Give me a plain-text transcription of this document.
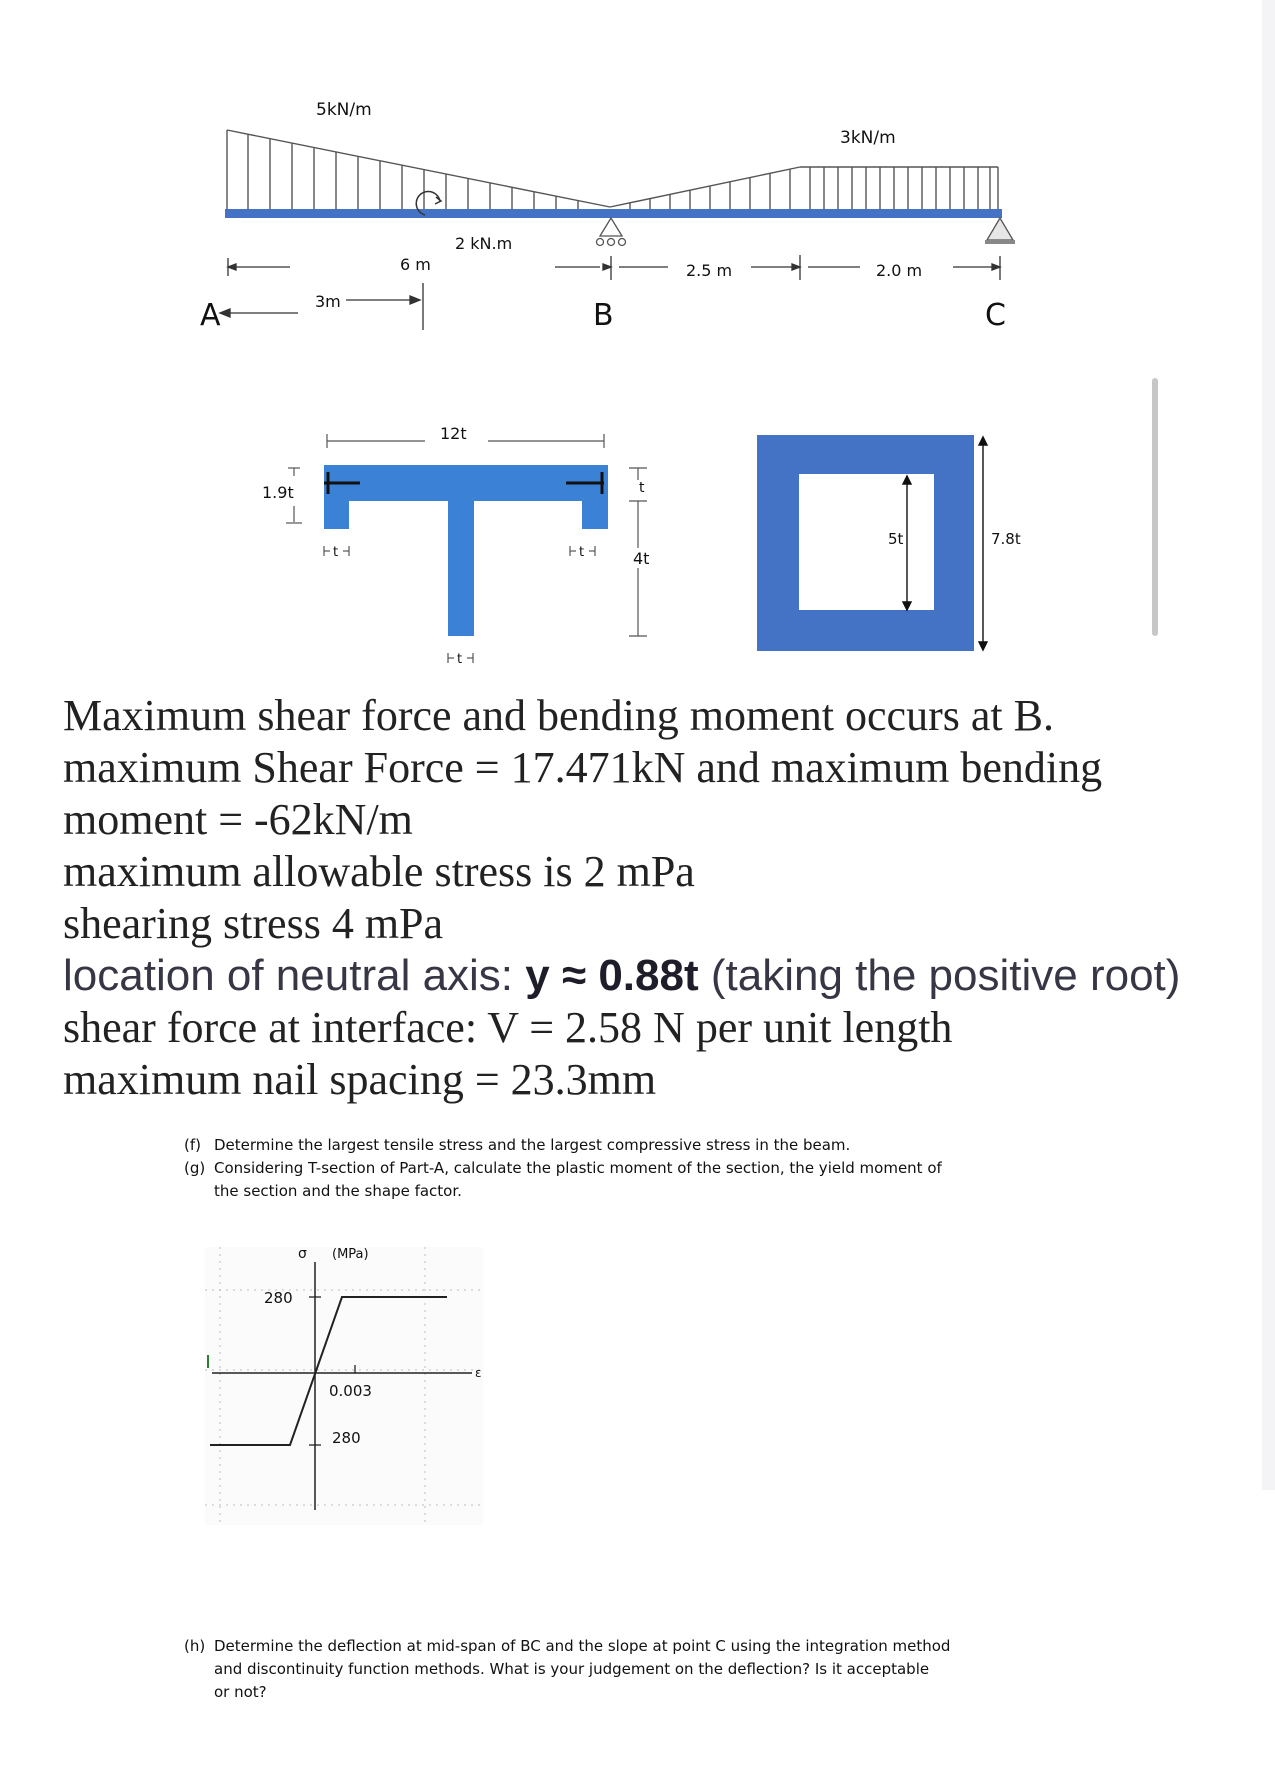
5kN/m
3kN/m
2 kN.m
6 m
3m
2.5 m	2.0 m
A	B	C
12t
1.9t	t
4t
t	t
t
5t	7.8t
σ (MPa)
ε
280
0.003
280
Maximum shear force and bending moment occurs at B.
maximum Shear Force = 17.471kN and maximum bending
moment = -62kN/m
maximum allowable stress is 2 mPa
shearing stress 4 mPa
location of neutral axis: y ≈ 0.88t (taking the positive root)
shear force at interface: V = 2.58 N per unit length
maximum nail spacing = 23.3mm
(f) Determine the largest tensile stress and the largest compressive stress in the beam.
(g) Considering T-section of Part-A, calculate the plastic moment of the section, the yield moment of
the section and the shape factor.
(h) Determine the deflection at mid-span of BC and the slope at point C using the integration method
and discontinuity function methods. What is your judgement on the deflection? Is it acceptable
or not?
